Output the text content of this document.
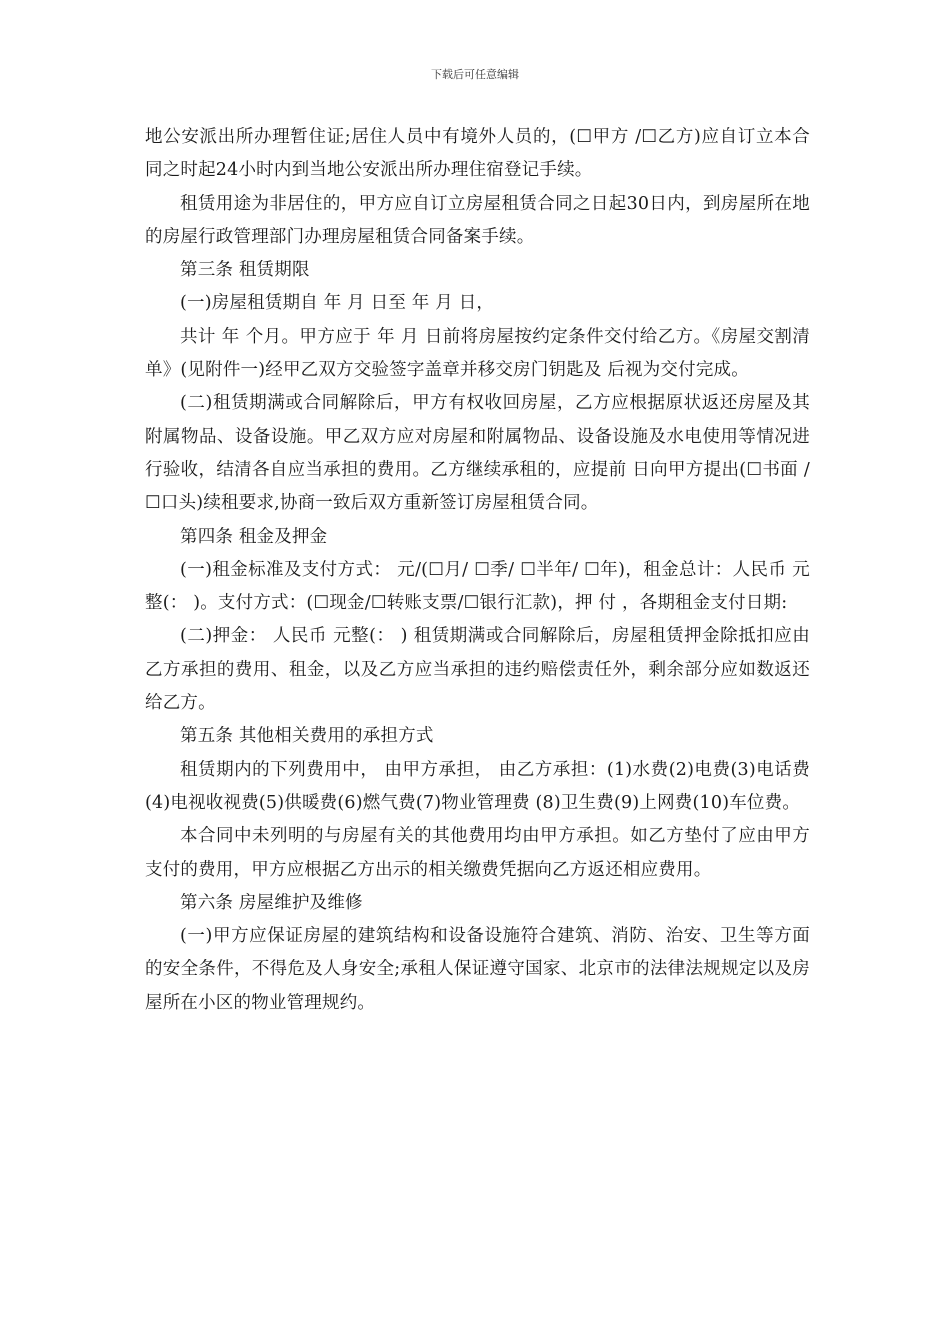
下载后可任意编辑

地公安派出所办理暂住证;居住人员中有境外人员的，(☐甲方 /☐乙方)应自订立本合同之时起24小时内到当地公安派出所办理住宿登记手续。

租赁用途为非居住的，甲方应自订立房屋租赁合同之日起30日内，到房屋所在地的房屋行政管理部门办理房屋租赁合同备案手续。

第三条 租赁期限

(一)房屋租赁期自 年 月 日至 年 月 日，

共计 年 个月。甲方应于 年 月 日前将房屋按约定条件交付给乙方。《房屋交割清单》(见附件一)经甲乙双方交验签字盖章并移交房门钥匙及 后视为交付完成。

(二)租赁期满或合同解除后，甲方有权收回房屋，乙方应根据原状返还房屋及其附属物品、设备设施。甲乙双方应对房屋和附属物品、设备设施及水电使用等情况进行验收，结清各自应当承担的费用。乙方继续承租的，应提前 日向甲方提出(☐书面 / ☐口头)续租要求,协商一致后双方重新签订房屋租赁合同。

第四条 租金及押金

(一)租金标准及支付方式： 元/(☐月/ ☐季/ ☐半年/ ☐年)，租金总计：人民币 元整(： )。支付方式：(☐现金/☐转账支票/☐银行汇款)，押 付 ，各期租金支付日期:

(二)押金： 人民币 元整(： ) 租赁期满或合同解除后，房屋租赁押金除抵扣应由乙方承担的费用、租金，以及乙方应当承担的违约赔偿责任外，剩余部分应如数返还给乙方。

第五条 其他相关费用的承担方式

租赁期内的下列费用中， 由甲方承担， 由乙方承担：(1)水费(2)电费(3)电话费(4)电视收视费(5)供暖费(6)燃气费(7)物业管理费 (8)卫生费(9)上网费(10)车位费。

本合同中未列明的与房屋有关的其他费用均由甲方承担。如乙方垫付了应由甲方支付的费用，甲方应根据乙方出示的相关缴费凭据向乙方返还相应费用。

第六条 房屋维护及维修

(一)甲方应保证房屋的建筑结构和设备设施符合建筑、消防、治安、卫生等方面的安全条件，不得危及人身安全;承租人保证遵守国家、北京市的法律法规规定以及房屋所在小区的物业管理规约。
